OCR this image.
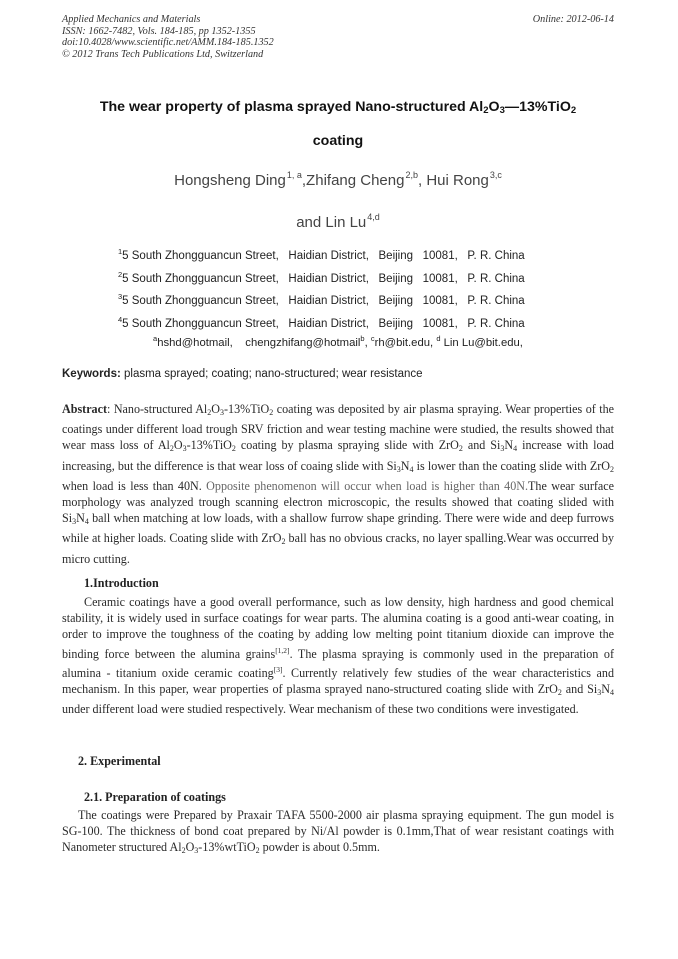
Applied Mechanics and Materials
ISSN: 1662-7482, Vols. 184-185, pp 1352-1355
doi:10.4028/www.scientific.net/AMM.184-185.1352
© 2012 Trans Tech Publications Ltd, Switzerland
Online: 2012-06-14
The wear property of plasma sprayed Nano-structured $Al_2O_3—13\%TiO_2$
coating
Hongsheng Ding$^{1, a}$,Zhifang Cheng$^{2,b}$, Hui Rong$^{3,c}$
and Lin Lu$^{4,d}$
$^1$5 South Zhongguancun Street,   Haidian District,   Beijing   10081,   P. R. China
$^2$5 South Zhongguancun Street,   Haidian District,   Beijing   10081,   P. R. China
$^3$5 South Zhongguancun Street,   Haidian District,   Beijing   10081,   P. R. China
$^4$5 South Zhongguancun Street,   Haidian District,   Beijing   10081,   P. R. China
$^a$hshd@hotmail,    chengzhifang@hotmail$^b$, $^c$rh@bit.edu, $^d$ Lin Lu@bit.edu,
Keywords: plasma sprayed; coating; nano-structured; wear resistance
Abstract: Nano-structured $Al_2O_3-13\%TiO_2$ coating was deposited by air plasma spraying. Wear properties of the coatings under different load trough SRV friction and wear testing machine were studied, the results showed that wear mass loss of $Al_2O_3-13\%TiO_2$ coating by plasma spraying slide with ZrO$_2$ and $Si_3N_4$ increase with load increasing, but the difference is that wear loss of coaing slide with $Si_3N_4$ is lower than the coating slide with ZrO$_2$ when load is less than 40N. Opposite phenomenon will occur when load is higher than 40N.The wear surface morphology was analyzed trough scanning electron microscopic, the results showed that coating slided with $Si_3N_4$ ball when matching at low loads, with a shallow furrow shape grinding. There were wide and deep furrows while at higher loads. Coating slide with ZrO$_2$ ball has no obvious cracks, no layer spalling.Wear was occurred by micro cutting.
1.Introduction
Ceramic coatings have a good overall performance, such as low density, high hardness and good chemical stability, it is widely used in surface coatings for wear parts. The alumina coating is a good anti-wear coating, in order to improve the toughness of the coating by adding low melting point titanium dioxide can improve the binding force between the alumina grains[1,2]. The plasma spraying is commonly used in the preparation of alumina - titanium oxide ceramic coating[3]. Currently relatively few studies of the wear characteristics and mechanism. In this paper, wear properties of plasma sprayed nano-structured coating slide with ZrO$_2$ and $Si_3N_4$ under different load were studied respectively. Wear mechanism of these two conditions were investigated.
2. Experimental
2.1. Preparation of coatings
The coatings were Prepared by Praxair TAFA 5500-2000 air plasma spraying equipment. The gun model is SG-100. The thickness of bond coat prepared by Ni/Al powder is 0.1mm,That of wear resistant coatings with Nanometer structured $Al_2O_3-13\%wtTiO_2$ powder is about 0.5mm.
